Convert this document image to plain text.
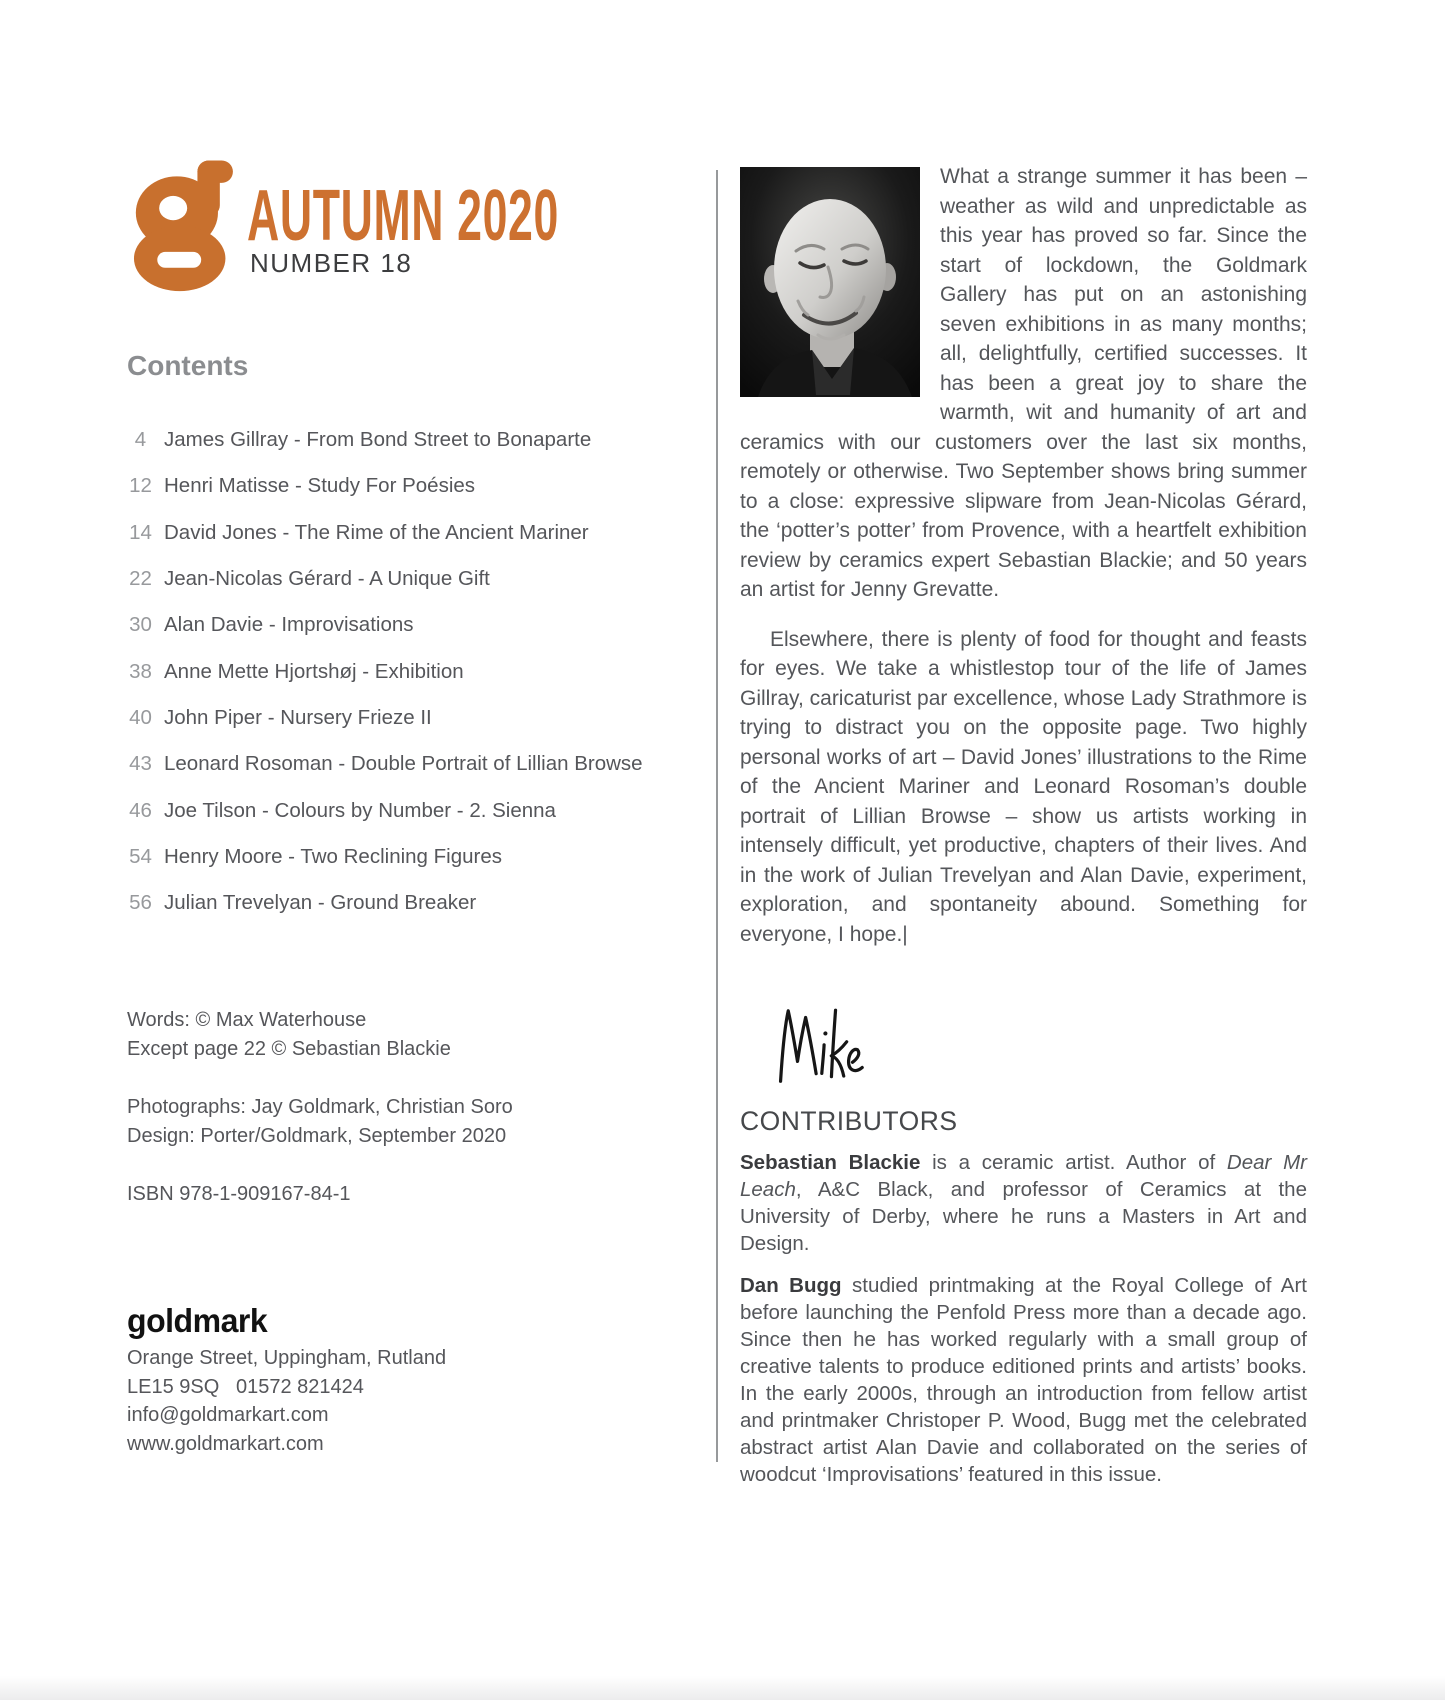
AUTUMN 2020
NUMBER 18
Contents
4 James Gillray - From Bond Street to Bonaparte
12 Henri Matisse - Study For Poésies
14 David Jones - The Rime of the Ancient Mariner
22 Jean-Nicolas Gérard - A Unique Gift
30 Alan Davie - Improvisations
38 Anne Mette Hjortshøj - Exhibition
40 John Piper - Nursery Frieze II
43 Leonard Rosoman - Double Portrait of Lillian Browse
46 Joe Tilson - Colours by Number - 2. Sienna
54 Henry Moore - Two Reclining Figures
56 Julian Trevelyan - Ground Breaker
Words: © Max Waterhouse
Except page 22 © Sebastian Blackie
Photographs: Jay Goldmark, Christian Soro
Design: Porter/Goldmark, September 2020
ISBN 978-1-909167-84-1
goldmark
Orange Street, Uppingham, Rutland
LE15 9SQ   01572 821424
info@goldmarkart.com
www.goldmarkart.com

What a strange summer it has been – weather as wild and unpredictable as this year has proved so far. Since the start of lockdown, the Goldmark Gallery has put on an astonishing seven exhibitions in as many months; all, delightfully, certified successes. It has been a great joy to share the warmth, wit and humanity of art and ceramics with our customers over the last six months, remotely or otherwise. Two September shows bring summer to a close: expressive slipware from Jean-Nicolas Gérard, the ‘potter’s potter’ from Provence, with a heartfelt exhibition review by ceramics expert Sebastian Blackie; and 50 years an artist for Jenny Grevatte.

Elsewhere, there is plenty of food for thought and feasts for eyes. We take a whistlestop tour of the life of James Gillray, caricaturist par excellence, whose Lady Strathmore is trying to distract you on the opposite page. Two highly personal works of art – David Jones’ illustrations to the Rime of the Ancient Mariner and Leonard Rosoman’s double portrait of Lillian Browse – show us artists working in intensely difficult, yet productive, chapters of their lives. And in the work of Julian Trevelyan and Alan Davie, experiment, exploration, and spontaneity abound. Something for everyone, I hope.|

CONTRIBUTORS

Sebastian Blackie is a ceramic artist. Author of Dear Mr Leach, A&C Black, and professor of Ceramics at the University of Derby, where he runs a Masters in Art and Design.

Dan Bugg studied printmaking at the Royal College of Art before launching the Penfold Press more than a decade ago. Since then he has worked regularly with a small group of creative talents to produce editioned prints and artists’ books. In the early 2000s, through an introduction from fellow artist and printmaker Christoper P. Wood, Bugg met the celebrated abstract artist Alan Davie and collaborated on the series of woodcut ‘Improvisations’ featured in this issue.
